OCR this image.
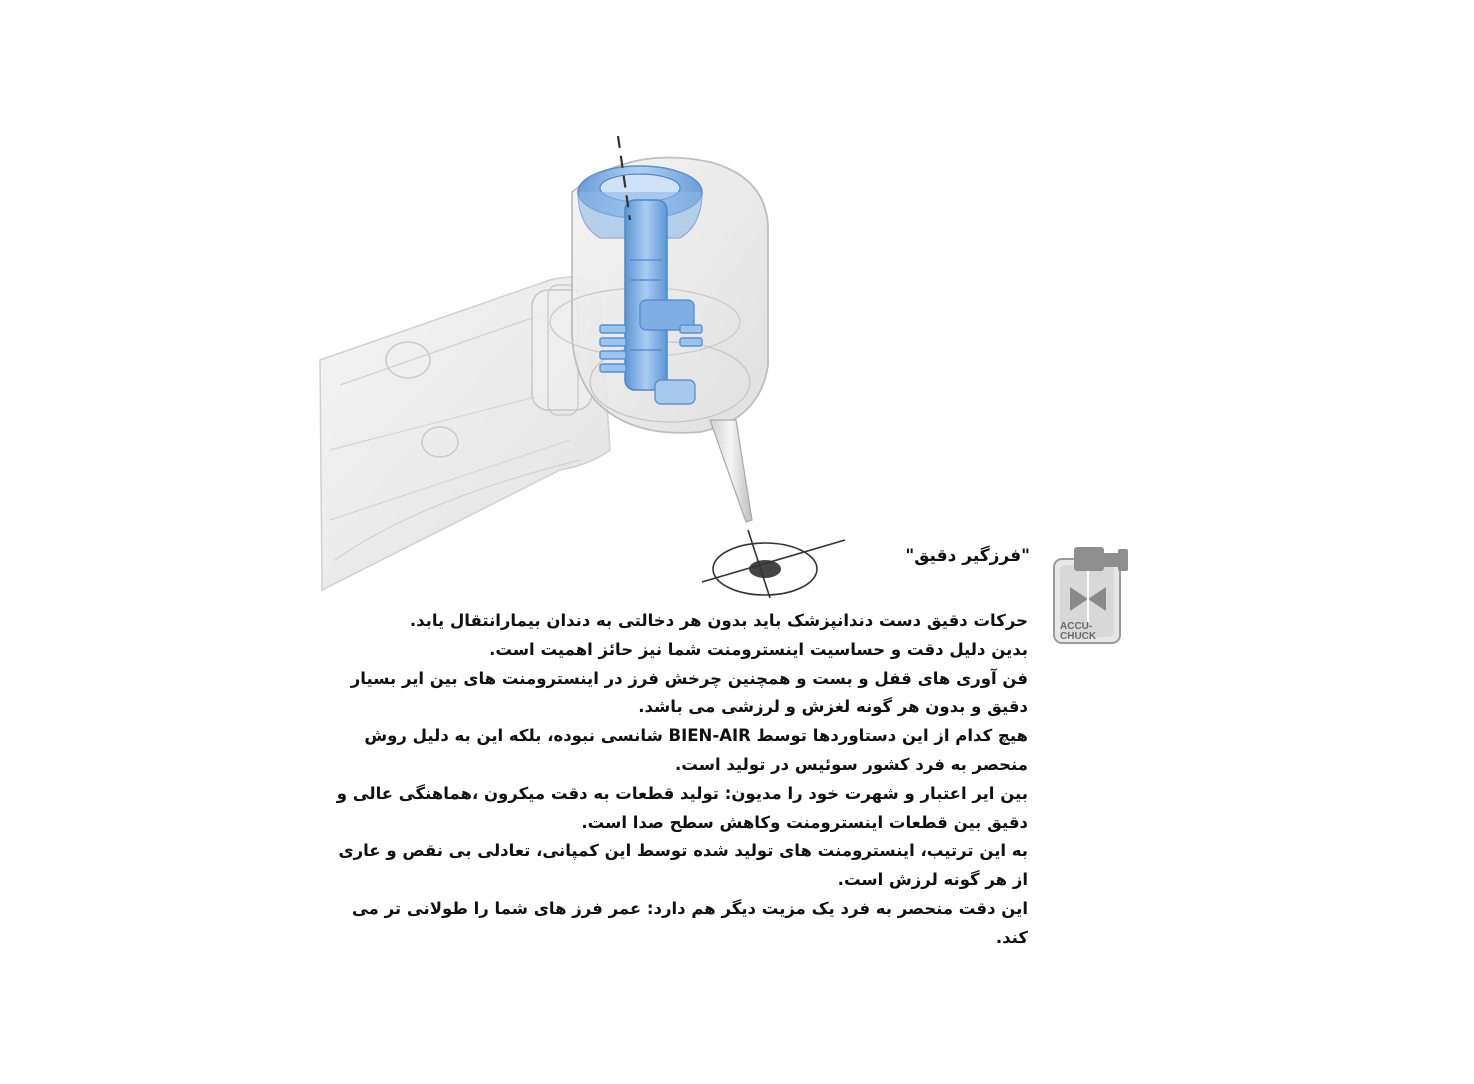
"فرزگیر دقیق"
ACCU-
CHUCK

حرکات دقیق دست دندانپزشک باید بدون هر دخالتی به دندان بیمارانتقال یابد.

بدین دلیل دقت و حساسیت اینسترومنت شما نیز حائز اهمیت است.

فن آوری های قفل و بست و همچنین چرخش فرز در اینسترومنت های بین ایر بسیار دقیق و بدون هر گونه لغزش و لرزشی می باشد.

هیچ کدام از این دستاوردها توسط BIEN-AIR شانسی نبوده، بلکه این به دلیل روش منحصر به فرد کشور سوئیس در تولید است.

بین ایر اعتبار و شهرت خود را مدیون: تولید قطعات به دقت میکرون ،هماهنگی عالی و دقیق بین قطعات اینسترومنت وکاهش سطح صدا است.

به این ترتیب، اینسترومنت های تولید شده توسط این کمپانی، تعادلی بی نقص و عاری از هر گونه لرزش است.

این دقت منحصر به فرد یک مزیت دیگر هم دارد: عمر فرز های شما را طولانی تر می کند.
